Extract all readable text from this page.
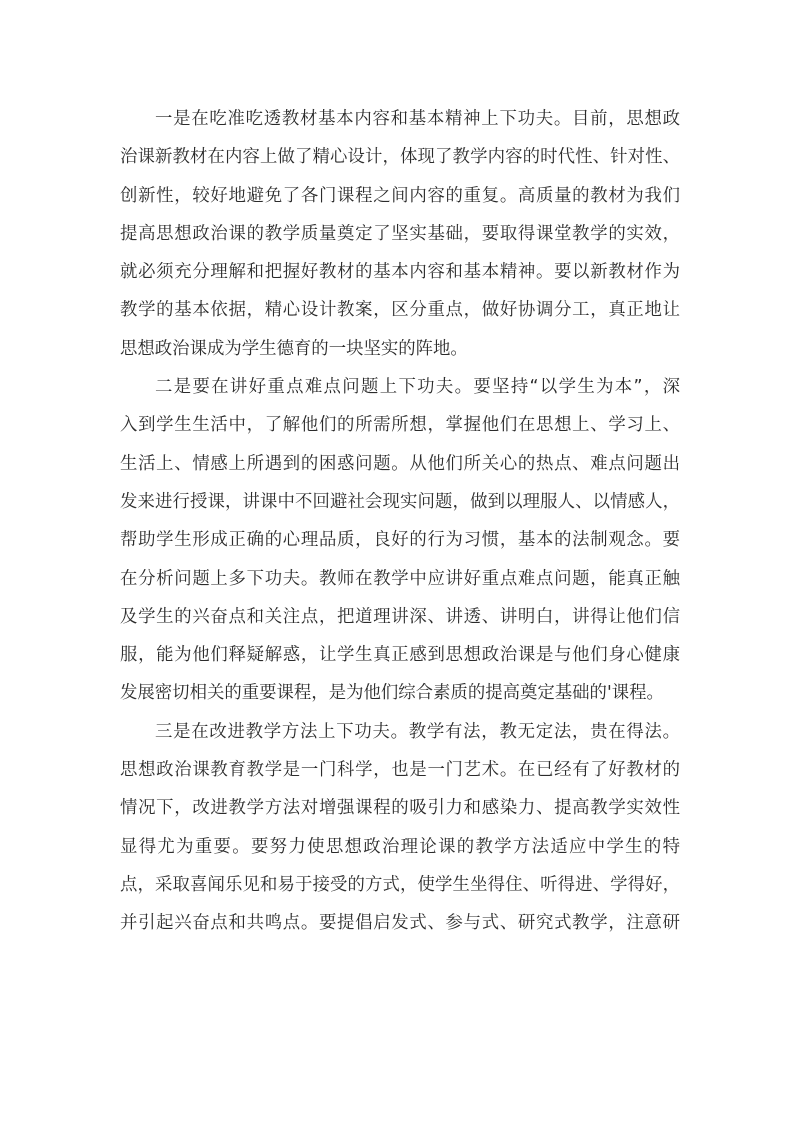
一是在吃准吃透教材基本内容和基本精神上下功夫。目前，思想政
治课新教材在内容上做了精心设计，体现了教学内容的时代性、针对性、
创新性，较好地避免了各门课程之间内容的重复。高质量的教材为我们
提高思想政治课的教学质量奠定了坚实基础，要取得课堂教学的实效，
就必须充分理解和把握好教材的基本内容和基本精神。要以新教材作为
教学的基本依据，精心设计教案，区分重点，做好协调分工，真正地让
思想政治课成为学生德育的一块坚实的阵地。
二是要在讲好重点难点问题上下功夫。要坚持“以学生为本”，深
入到学生生活中，了解他们的所需所想，掌握他们在思想上、学习上、
生活上、情感上所遇到的困惑问题。从他们所关心的热点、难点问题出
发来进行授课，讲课中不回避社会现实问题，做到以理服人、以情感人，
帮助学生形成正确的心理品质，良好的行为习惯，基本的法制观念。要
在分析问题上多下功夫。教师在教学中应讲好重点难点问题，能真正触
及学生的兴奋点和关注点，把道理讲深、讲透、讲明白，讲得让他们信
服，能为他们释疑解惑，让学生真正感到思想政治课是与他们身心健康
发展密切相关的重要课程，是为他们综合素质的提高奠定基础的'课程。
三是在改进教学方法上下功夫。教学有法，教无定法，贵在得法。
思想政治课教育教学是一门科学，也是一门艺术。在已经有了好教材的
情况下，改进教学方法对增强课程的吸引力和感染力、提高教学实效性
显得尤为重要。要努力使思想政治理论课的教学方法适应中学生的特
点，采取喜闻乐见和易于接受的方式，使学生坐得住、听得进、学得好，
并引起兴奋点和共鸣点。要提倡启发式、参与式、研究式教学，注意研
